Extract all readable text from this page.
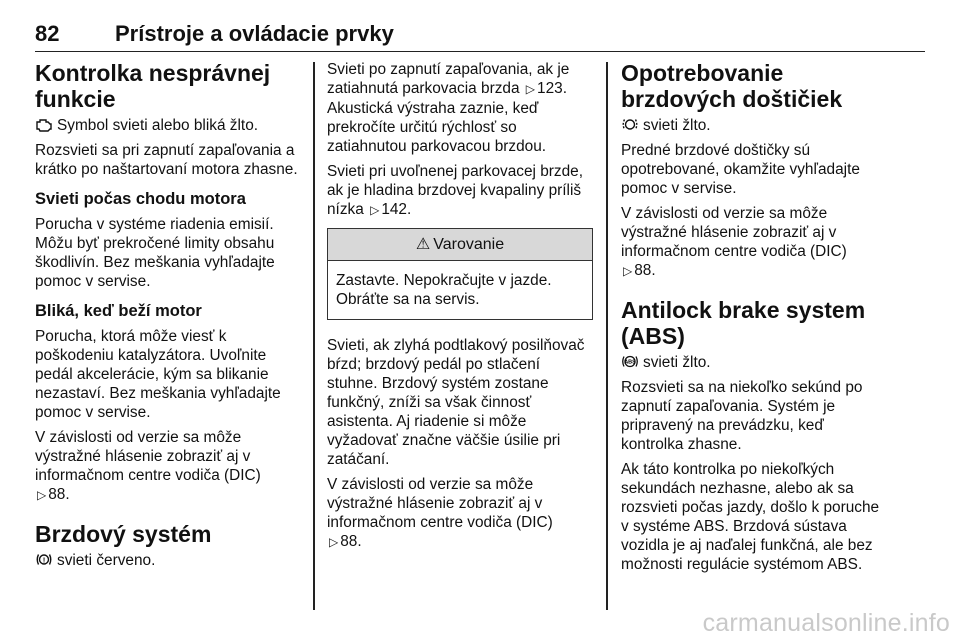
82	Prístroje a ovládacie prvky
Kontrolka nesprávnej funkcie

Symbol svieti alebo bliká žlto.

Rozsvieti sa pri zapnutí zapaľovania a krátko po naštartovaní motora zhasne.

Svieti počas chodu motora

Porucha v systéme riadenia emisií. Môžu byť prekročené limity obsahu škodlivín. Bez meškania vyhľadajte pomoc v servise.

Bliká, keď beží motor

Porucha, ktorá môže viesť k poškodeniu katalyzátora. Uvoľnite pedál akcelerácie, kým sa blikanie nezastaví. Bez meškania vyhľadajte pomoc v servise.

V závislosti od verzie sa môže výstražné hlásenie zobraziť aj v informačnom centre vodiča (DIC)
▷ 88.

Brzdový systém

! svieti červeno.

Svieti po zapnutí zapaľovania, ak je zatiahnutá parkovacia brzda ▷ 123. Akustická výstraha zaznie, keď prekročíte určitú rýchlosť so zatiahnutou parkovacou brzdou.

Svieti pri uvoľnenej parkovacej brzde, ak je hladina brzdovej kvapaliny príliš nízka ▷ 142.

⚠ Varovanie
Zastavte. Nepokračujte v jazde. Obráťte sa na servis.

Svieti, ak zlyhá podtlakový posilňovač bŕzd; brzdový pedál po stlačení stuhne. Brzdový systém zostane funkčný, zníži sa však činnosť asistenta. Aj riadenie si môže vyžadovať značne väčšie úsilie pri zatáčaní.

V závislosti od verzie sa môže výstražné hlásenie zobraziť aj v informačnom centre vodiča (DIC)
▷ 88.

Opotrebovanie brzdových doštičiek

svieti žlto.

Predné brzdové doštičky sú opotrebované, okamžite vyhľadajte pomoc v servise.

V závislosti od verzie sa môže výstražné hlásenie zobraziť aj v informačnom centre vodiča (DIC)
▷ 88.

Antilock brake system (ABS)

ABS svieti žlto.

Rozsvieti sa na niekoľko sekúnd po zapnutí zapaľovania. Systém je pripravený na prevádzku, keď kontrolka zhasne.

Ak táto kontrolka po niekoľkých sekundách nezhasne, alebo ak sa rozsvieti počas jazdy, došlo k poruche v systéme ABS. Brzdová sústava vozidla je aj naďalej funkčná, ale bez možnosti regulácie systémom ABS.

carmanualsonline.info
